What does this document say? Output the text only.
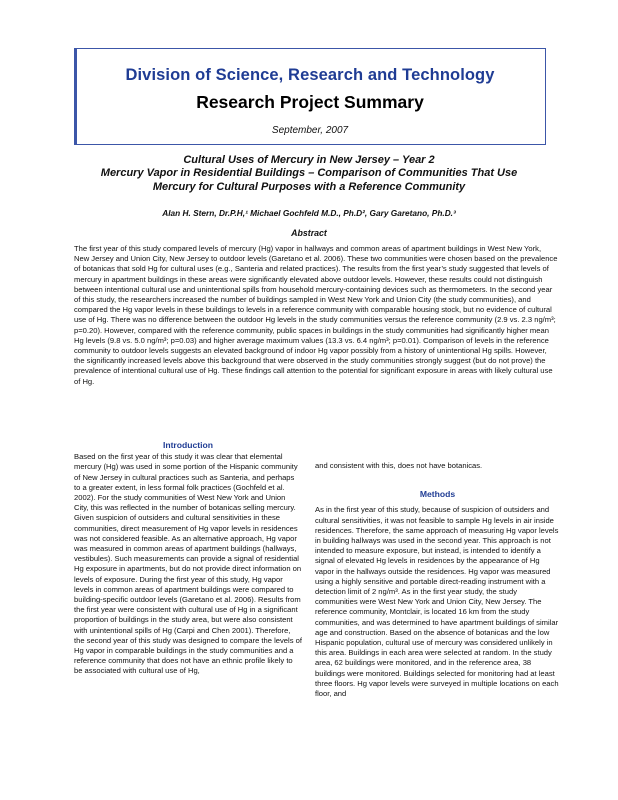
Division of Science, Research and Technology
Research Project Summary
September, 2007
Cultural Uses of Mercury in New Jersey – Year 2
Mercury Vapor in Residential Buildings – Comparison of Communities That Use
Mercury for Cultural Purposes with a Reference Community
Alan H. Stern, Dr.P.H,¹ Michael Gochfeld M.D., Ph.D², Gary Garetano, Ph.D.³
Abstract

The first year of this study compared levels of mercury (Hg) vapor in hallways and common areas of apartment buildings in West New York, New Jersey and Union City, New Jersey to outdoor levels (Garetano et al. 2006). These two communities were chosen based on the prevalence of botanicas that sold Hg for cultural uses (e.g., Santeria and related practices). The results from the first year’s study suggested that levels of mercury in apartment buildings in these areas were significantly elevated above outdoor levels. However, these results could not distinguish between intentional cultural use and unintentional spills from household mercury-containing devices such as thermometers. In the second year of this study, the researchers increased the number of buildings sampled in West New York and Union City (the study communities), and compared the Hg vapor levels in these buildings to levels in a reference community with comparable housing stock, but no evidence of cultural use of Hg. There was no difference between the outdoor Hg levels in the study communities versus the reference community (2.9 vs. 2.3 ng/m³; p=0.20). However, compared with the reference community, public spaces in buildings in the study communities had significantly higher mean Hg levels (9.8 vs. 5.0 ng/m³; p=0.03) and higher average maximum values (13.3 vs. 6.4 ng/m³; p=0.01). Comparison of levels in the reference community to outdoor levels suggests an elevated background of indoor Hg vapor possibly from a history of unintentional Hg spills. However, the significantly increased levels above this background that were observed in the study communities strongly suggest (but do not prove) the prevalence of intentional cultural use of Hg. These findings call attention to the potential for significant exposure in areas with likely cultural use of Hg.

Introduction

Based on the first year of this study it was clear that elemental mercury (Hg) was used in some portion of the Hispanic community of New Jersey in cultural practices such as Santeria, and perhaps to a greater extent, in less formal folk practices (Gochfeld et al. 2002). For the study communities of West New York and Union City, this was reflected in the number of botanicas selling mercury. Given suspicion of outsiders and cultural sensitivities in these communities, direct measurement of Hg vapor levels in residences was not considered feasible. As an alternative approach, Hg vapor was measured in common areas of apartment buildings (hallways, vestibules). Such measurements can provide a signal of residential Hg exposure in apartments, but do not provide direct information on levels of exposure. During the first year of this study, Hg vapor levels in common areas of apartment buildings were compared to building-specific outdoor levels (Garetano et al. 2006). Results from the first year were consistent with cultural use of Hg in a significant proportion of buildings in the study area, but were also consistent with unintentional spills of Hg (Carpi and Chen 2001). Therefore, the second year of this study was designed to compare the levels of Hg vapor in comparable buildings in the study communities and a reference community that does not have an ethnic profile likely to be associated with cultural use of Hg,

and consistent with this, does not have botanicas.

Methods

As in the first year of this study, because of suspicion of outsiders and cultural sensitivities, it was not feasible to sample Hg levels in air inside residences. Therefore, the same approach of measuring Hg vapor levels in building hallways was used in the second year. This approach is not intended to measure exposure, but instead, is intended to identify a signal of elevated Hg levels in residences by the appearance of Hg vapor in the hallways outside the residences. Hg vapor was measured using a highly sensitive and portable direct-reading instrument with a detection limit of 2 ng/m³. As in the first year study, the study communities were West New York and Union City, New Jersey. The reference community, Montclair, is located 16 km from the study communities, and was determined to have apartment buildings of similar age and construction. Based on the absence of botanicas and the low Hispanic population, cultural use of mercury was considered unlikely in this area. Buildings in each area were selected at random. In the study area, 62 buildings were monitored, and in the reference area, 38 buildings were monitored. Buildings selected for monitoring had at least three floors. Hg vapor levels were surveyed in multiple locations on each floor, and
